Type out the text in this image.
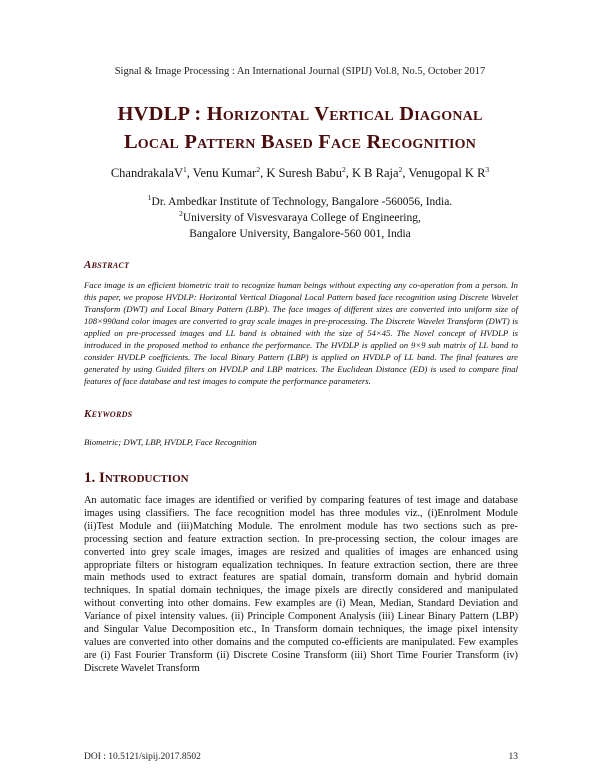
Signal & Image Processing : An International Journal (SIPIJ) Vol.8, No.5, October 2017
HVDLP : Horizontal Vertical Diagonal
Local Pattern Based Face Recognition
ChandrakalaV$^1$, Venu Kumar$^2$, K Suresh Babu$^2$, K B Raja$^2$, Venugopal K $R^3$
$^1$Dr. Ambedkar Institute of Technology, Bangalore -560056, India.
$^2$University of Visvesvaraya College of Engineering,
Bangalore University, Bangalore-560 001, India
Abstract
Face image is an efficient biometric trait to recognize human beings without expecting any co-operation from a person. In this paper, we propose HVDLP: Horizontal Vertical Diagonal Local Pattern based face recognition using Discrete Wavelet Transform (DWT) and Local Binary Pattern (LBP). The face images of different sizes are converted into uniform size of 108×990and color images are converted to gray scale images in pre-processing. The Discrete Wavelet Transform (DWT) is applied on pre-processed images and LL band is obtained with the size of 54×45. The Novel concept of HVDLP is introduced in the proposed method to enhance the performance. The HVDLP is applied on 9×9 sub matrix of LL band to consider HVDLP coefficients. The local Binary Pattern (LBP) is applied on HVDLP of LL band. The final features are generated by using Guided filters on HVDLP and LBP matrices. The Euclidean Distance (ED) is used to compare final features of face database and test images to compute the performance parameters.
Keywords
Biometric; DWT, LBP, HVDLP, Face Recognition
1. Introduction
An automatic face images are identified or verified by comparing features of test image and database images using classifiers. The face recognition model has three modules viz., (i)Enrolment Module (ii)Test Module and (iii)Matching Module. The enrolment module has two sections such as pre-processing section and feature extraction section. In pre-processing section, the colour images are converted into grey scale images, images are resized and qualities of images are enhanced using appropriate filters or histogram equalization techniques. In feature extraction section, there are three main methods used to extract features are spatial domain, transform domain and hybrid domain techniques. In spatial domain techniques, the image pixels are directly considered and manipulated without converting into other domains. Few examples are (i) Mean, Median, Standard Deviation and Variance of pixel intensity values. (ii) Principle Component Analysis (iii) Linear Binary Pattern (LBP) and Singular Value Decomposition etc., In Transform domain techniques, the image pixel intensity values are converted into other domains and the computed co-efficients are manipulated. Few examples are (i) Fast Fourier Transform (ii) Discrete Cosine Transform (iii) Short Time Fourier Transform (iv) Discrete Wavelet Transform
DOI : 10.5121/sipij.2017.8502	13
